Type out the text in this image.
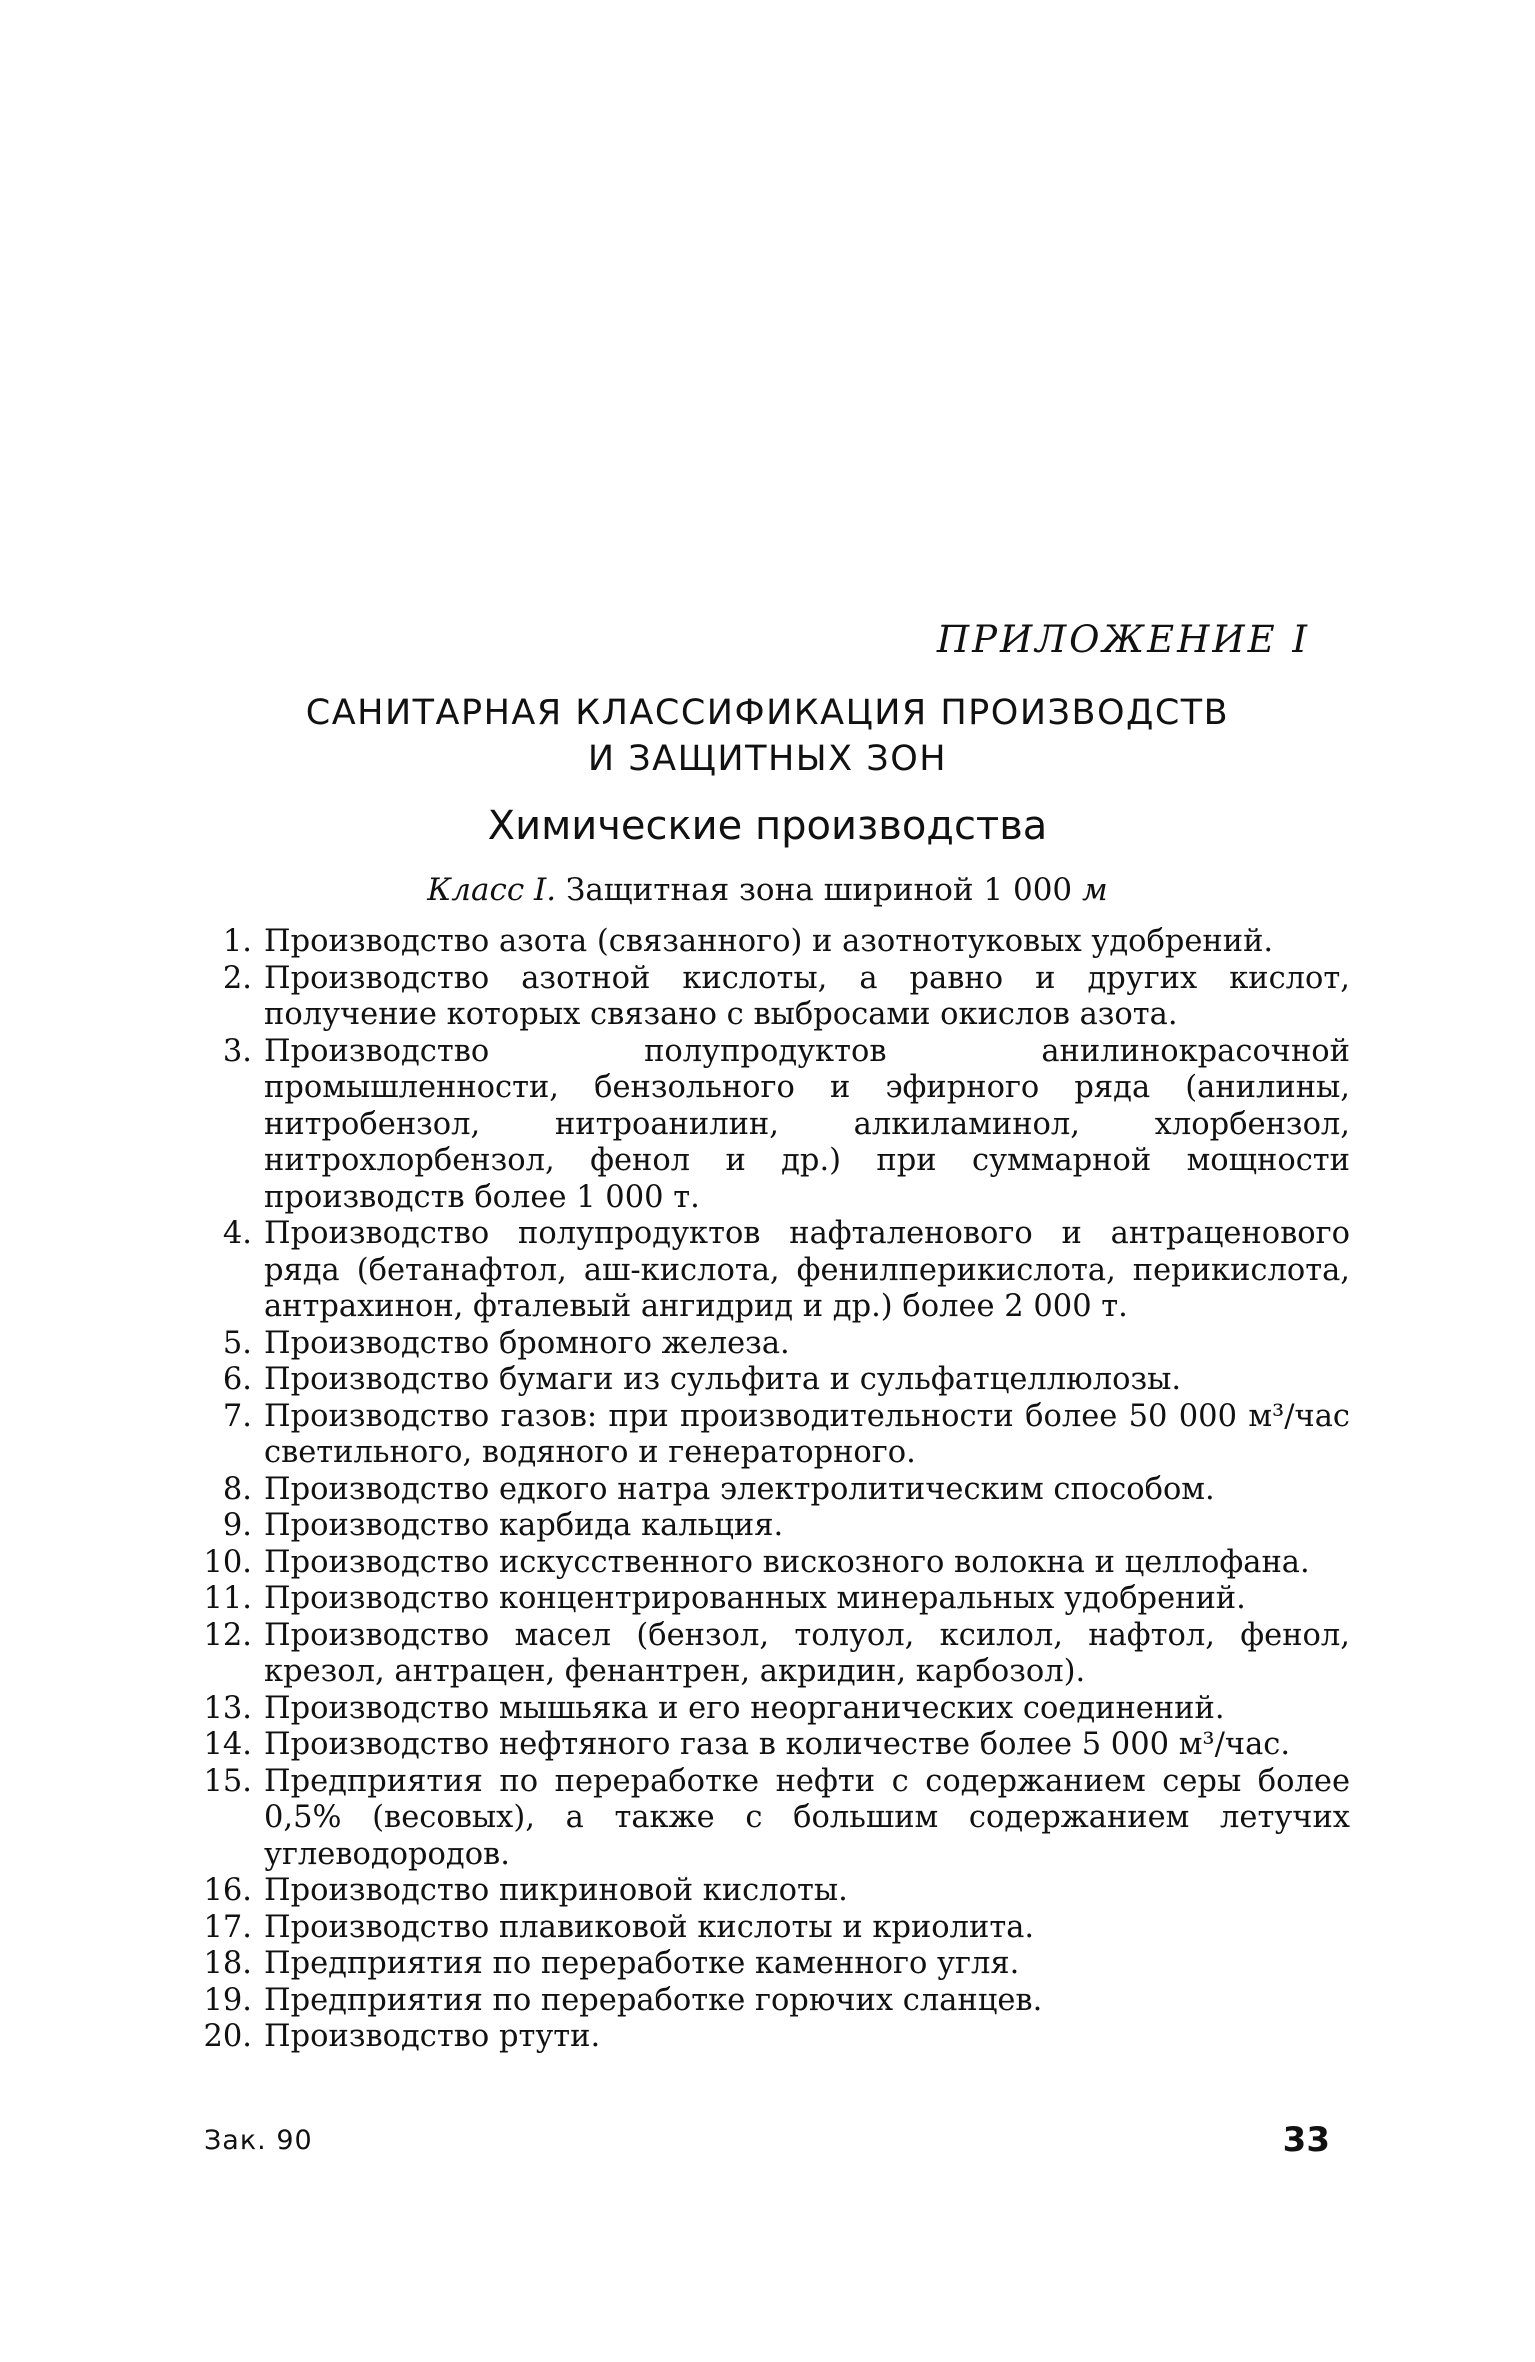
ПРИЛОЖЕНИЕ I
САНИТАРНАЯ КЛАССИФИКАЦИЯ ПРОИЗВОДСТВ
И ЗАЩИТНЫХ ЗОН
Химические производства
Класс I. Защитная зона шириной 1 000 м
1. Производство азота (связанного) и азотнотуковых удобрений.
2. Производство азотной кислоты, а равно и других кислот, получение которых связано с выбросами окислов азота.
3. Производство полупродуктов анилинокрасочной промышленности, бензольного и эфирного ряда (анилины, нитробензол, нитроанилин, алкиламинол, хлорбензол, нитрохлорбензол, фенол и др.) при суммарной мощности производств более 1 000 т.
4. Производство полупродуктов нафталенового и антраценового ряда (бетанафтол, аш-кислота, фенилперикислота, перикислота, антрахинон, фталевый ангидрид и др.) более 2 000 т.
5. Производство бромного железа.
6. Производство бумаги из сульфита и сульфатцеллюлозы.
7. Производство газов: при производительности более 50 000 м³/час светильного, водяного и генераторного.
8. Производство едкого натра электролитическим способом.
9. Производство карбида кальция.
10. Производство искусственного вискозного волокна и целлофана.
11. Производство концентрированных минеральных удобрений.
12. Производство масел (бензол, толуол, ксилол, нафтол, фенол, крезол, антрацен, фенантрен, акридин, карбозол).
13. Производство мышьяка и его неорганических соединений.
14. Производство нефтяного газа в количестве более 5 000 м³/час.
15. Предприятия по переработке нефти с содержанием серы более 0,5% (весовых), а также с большим содержанием летучих углеводородов.
16. Производство пикриновой кислоты.
17. Производство плавиковой кислоты и криолита.
18. Предприятия по переработке каменного угля.
19. Предприятия по переработке горючих сланцев.
20. Производство ртути.
Зак. 90	33
